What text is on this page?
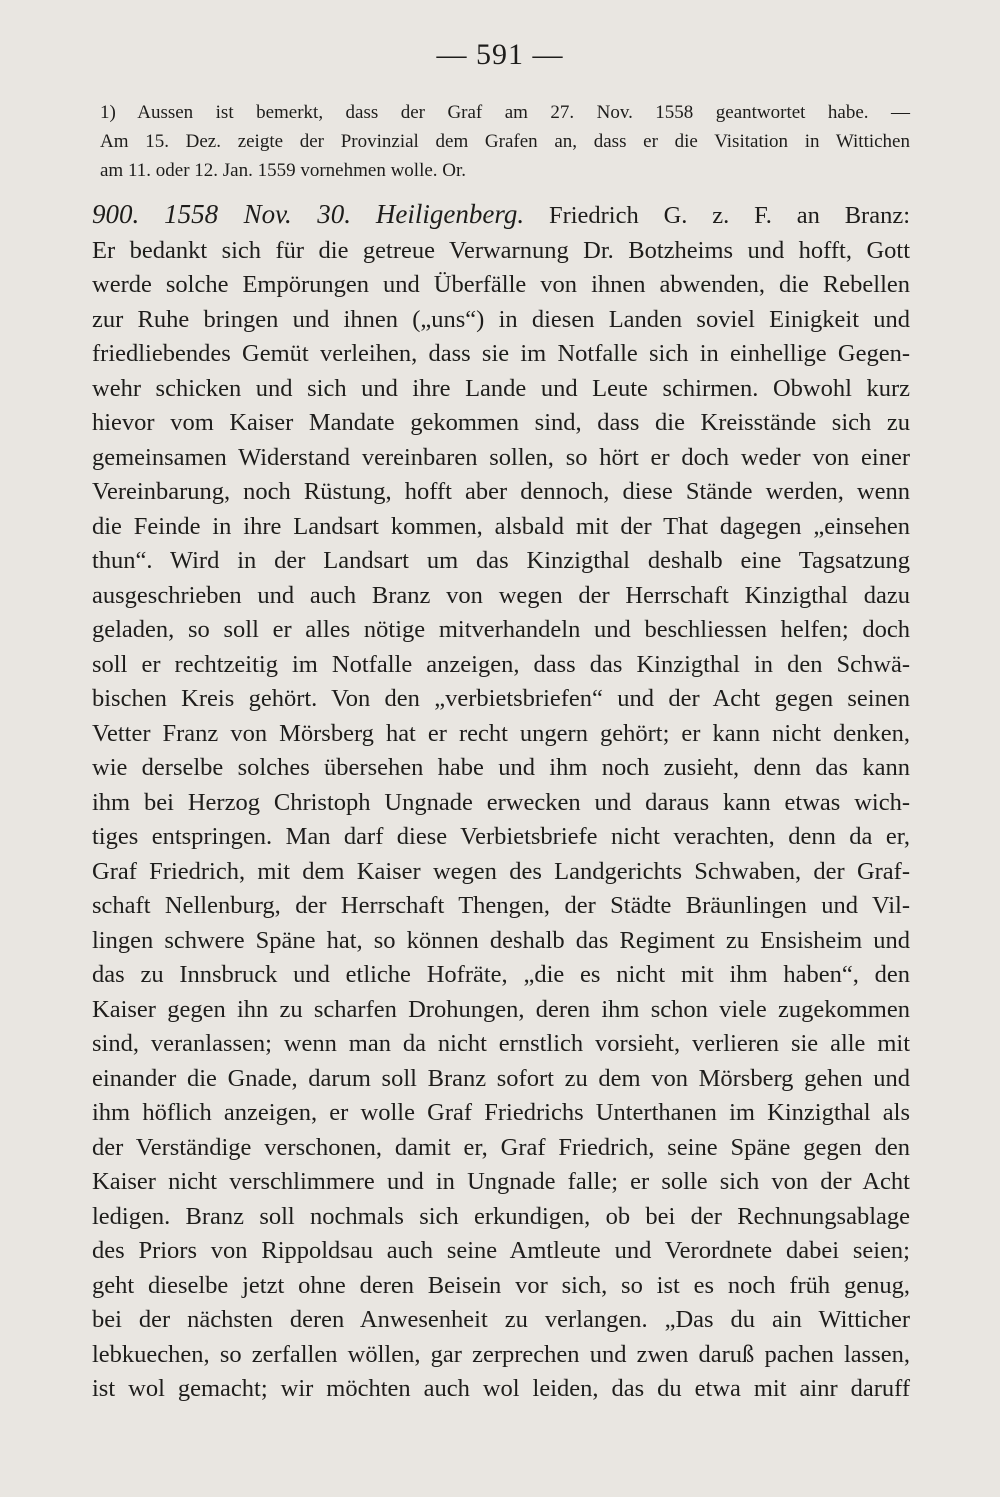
— 591 —
1) Aussen ist bemerkt, dass der Graf am 27. Nov. 1558 geantwortet habe. —
Am 15. Dez. zeigte der Provinzial dem Grafen an, dass er die Visitation in Wittichen
am 11. oder 12. Jan. 1559 vornehmen wolle. Or.
900. 1558 Nov. 30. Heiligenberg. Friedrich G. z. F. an Branz:
Er bedankt sich für die getreue Verwarnung Dr. Botzheims und hofft, Gott
werde solche Empörungen und Überfälle von ihnen abwenden, die Rebellen
zur Ruhe bringen und ihnen („uns“) in diesen Landen soviel Einigkeit und
friedliebendes Gemüt verleihen, dass sie im Notfalle sich in einhellige Gegen-
wehr schicken und sich und ihre Lande und Leute schirmen. Obwohl kurz
hievor vom Kaiser Mandate gekommen sind, dass die Kreisstände sich zu
gemeinsamen Widerstand vereinbaren sollen, so hört er doch weder von einer
Vereinbarung, noch Rüstung, hofft aber dennoch, diese Stände werden, wenn
die Feinde in ihre Landsart kommen, alsbald mit der That dagegen „einsehen
thun“. Wird in der Landsart um das Kinzigthal deshalb eine Tagsatzung
ausgeschrieben und auch Branz von wegen der Herrschaft Kinzigthal dazu
geladen, so soll er alles nötige mitverhandeln und beschliessen helfen; doch
soll er rechtzeitig im Notfalle anzeigen, dass das Kinzigthal in den Schwä-
bischen Kreis gehört. Von den „verbietsbriefen“ und der Acht gegen seinen
Vetter Franz von Mörsberg hat er recht ungern gehört; er kann nicht denken,
wie derselbe solches übersehen habe und ihm noch zusieht, denn das kann
ihm bei Herzog Christoph Ungnade erwecken und daraus kann etwas wich-
tiges entspringen. Man darf diese Verbietsbriefe nicht verachten, denn da er,
Graf Friedrich, mit dem Kaiser wegen des Landgerichts Schwaben, der Graf-
schaft Nellenburg, der Herrschaft Thengen, der Städte Bräunlingen und Vil-
lingen schwere Späne hat, so können deshalb das Regiment zu Ensisheim und
das zu Innsbruck und etliche Hofräte, „die es nicht mit ihm haben“, den
Kaiser gegen ihn zu scharfen Drohungen, deren ihm schon viele zugekommen
sind, veranlassen; wenn man da nicht ernstlich vorsieht, verlieren sie alle mit
einander die Gnade, darum soll Branz sofort zu dem von Mörsberg gehen und
ihm höflich anzeigen, er wolle Graf Friedrichs Unterthanen im Kinzigthal als
der Verständige verschonen, damit er, Graf Friedrich, seine Späne gegen den
Kaiser nicht verschlimmere und in Ungnade falle; er solle sich von der Acht
ledigen. Branz soll nochmals sich erkundigen, ob bei der Rechnungsablage
des Priors von Rippoldsau auch seine Amtleute und Verordnete dabei seien;
geht dieselbe jetzt ohne deren Beisein vor sich, so ist es noch früh genug,
bei der nächsten deren Anwesenheit zu verlangen. „Das du ain Witticher
lebkuechen, so zerfallen wöllen, gar zerprechen und zwen daruß pachen lassen,
ist wol gemacht; wir möchten auch wol leiden, das du etwa mit ainr daruff
